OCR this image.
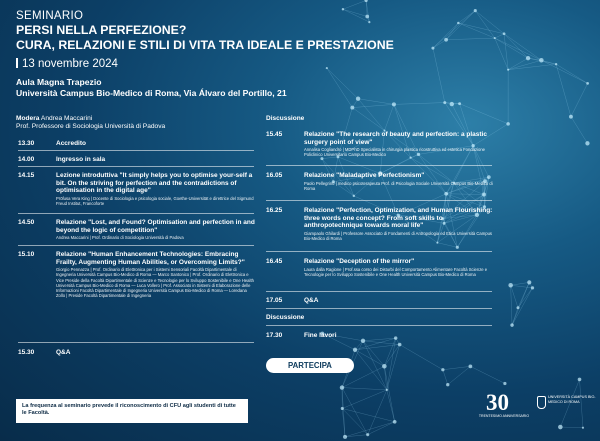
SEMINARIO
PERSI NELLA PERFEZIONE?
CURA, RELAZIONI E STILI DI VITA TRA IDEALE E PRESTAZIONE
13 novembre 2024
Aula Magna Trapezio
Università Campus Bio-Medico di Roma, Via Álvaro del Portillo, 21
Modera Andrea Maccarini
Prof. Professore di Sociologia Università di Padova
13.30	Accredito
14.00	Ingresso in sala
14.15	Lezione introduttiva "It simply helps you to optimise your-self a bit. On the striving for perfection and the contradictions of optimisation in the digital age"
Pröfusa Vera King | Docente di Sociologia e psicologia sociale, Goethe-Universität e direttrice del Sigmund Freud Institut, Francoforte
14.50	Relazione "Lost, and Found? Optimisation and perfection in and beyond the logic of competition"
Andrea Maccarini | Prof. Ordinario di Sociologia Università di Padova
15.10	Relazione "Human Enhancement Technologies: Embracing Frailty, Augmenting Human Abilities, or Overcoming Limits?"
Giorgio Pennazza | Prof. Ordinario di Elettronica per i Sistemi Sensoriali Facoltà Dipartimentale di Ingegneria Università Campus Bio-Medico di Roma — Marco Santonico | Prof. Ordinario di Elettronica e Vice Preside della Facoltà Dipartimentale di Scienze e Tecnologie per lo Sviluppo Sostenibile e One Health Università Campus Bio-Medico di Roma — Luca Vollero | Prof. Associato in Sistemi di Elaborazione delle Informazioni Facoltà Dipartimentale di Ingegneria Università Campus Bio-Medico di Roma — Loredana Zollo | Preside Facoltà Dipartimentale di Ingegneria
15.30	Q&A
Discussione
15.45	Relazione "The research of beauty and perfection: a plastic surgery point of view"
Annalisa Cogliandro | MDPhD Specialista in chirurgia plastica ricostruttiva ed estetica Fondazione Policlinico Universitario Campus Bio-Medico
16.05	Relazione "Maladaptive Perfectionism"
Paolo Pellegrino | medico psicoterapeuta Prof. di Psicologia Sociale Università Campus Bio-Medico di Roma
16.25	Relazione "Perfection, Optimization, and Human Flourishing: three words one concept? From soft skills to anthropotechnique towards moral life"
Giampaolo Ghilardi | Professore Associato di Fondamenti di Antropologia ed Etica Università Campus Bio-Medico di Roma
16.45	Relazione "Deception of the mirror"
Laura dalla Ragione | Prof.ssa corso dei Disturbi del Comportamento Alimentare Facoltà Scienze e Tecnologie per lo Sviluppo Sostenibile e One Health Università Campus Bio-Medico di Roma
17.05	Q&A
Discussione
17.30	Fine lavori
PARTECIPA
La frequenza al seminario prevede il riconoscimento di CFU agli studenti di tutte le Facoltà.	30
TRENTESIMO ANNIVERSARIO
UNIVERSITÀ CAMPUS BIO-MEDICO DI ROMA
